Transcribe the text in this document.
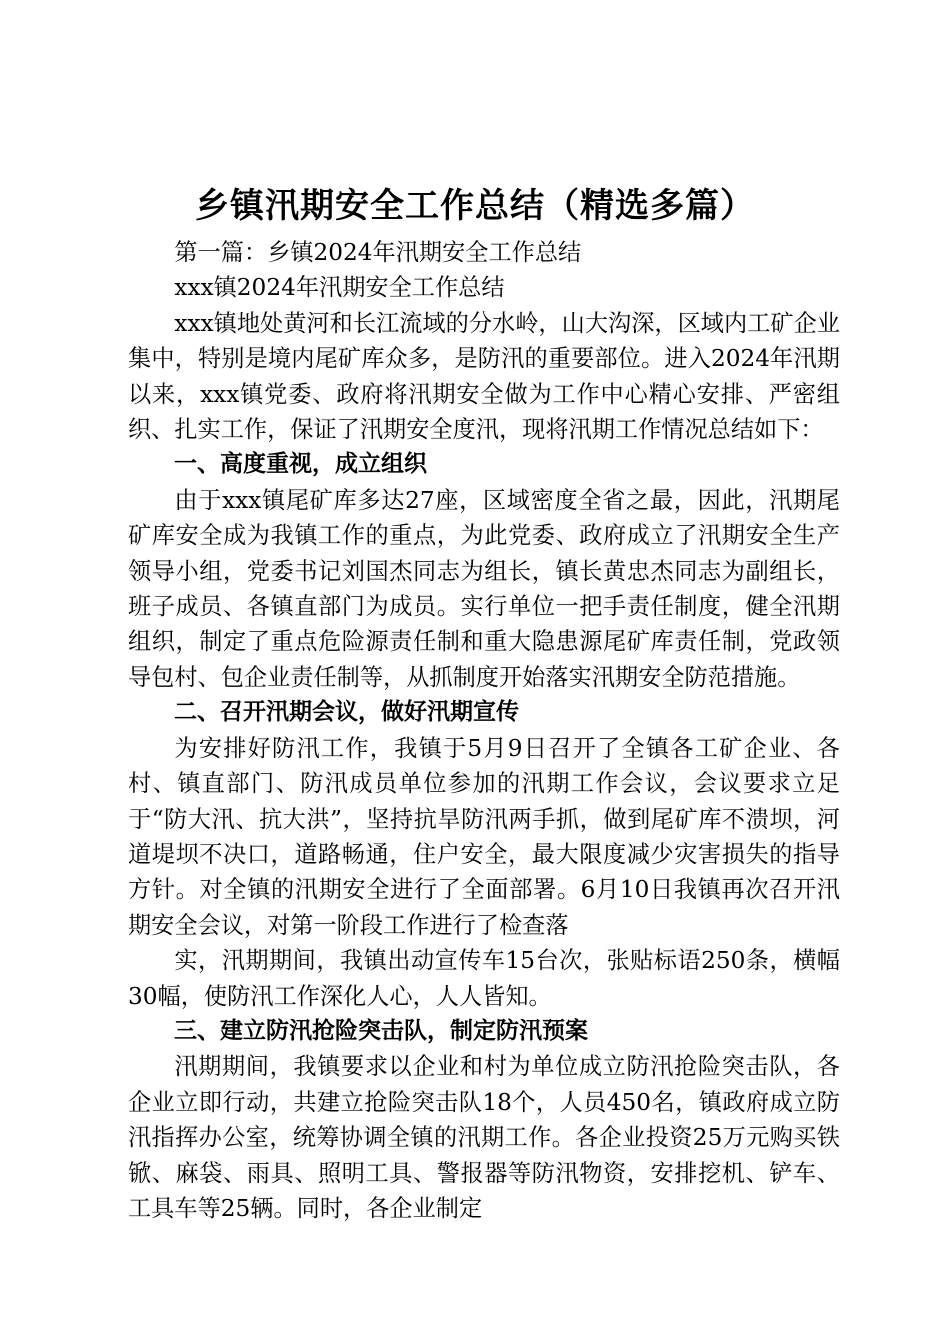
乡镇汛期安全工作总结（精选多篇）

第一篇：乡镇2024年汛期安全工作总结

xxx镇2024年汛期安全工作总结

xxx镇地处黄河和长江流域的分水岭，山大沟深，区域内工矿企业集中，特别是境内尾矿库众多，是防汛的重要部位。进入2024年汛期以来，xxx镇党委、政府将汛期安全做为工作中心精心安排、严密组织、扎实工作，保证了汛期安全度汛，现将汛期工作情况总结如下：

一、高度重视，成立组织

由于xxx镇尾矿库多达27座，区域密度全省之最，因此，汛期尾矿库安全成为我镇工作的重点，为此党委、政府成立了汛期安全生产领导小组，党委书记刘国杰同志为组长，镇长黄忠杰同志为副组长，班子成员、各镇直部门为成员。实行单位一把手责任制度，健全汛期组织，制定了重点危险源责任制和重大隐患源尾矿库责任制，党政领导包村、包企业责任制等，从抓制度开始落实汛期安全防范措施。

二、召开汛期会议，做好汛期宣传

为安排好防汛工作，我镇于5月9日召开了全镇各工矿企业、各村、镇直部门、防汛成员单位参加的汛期工作会议，会议要求立足于“防大汛、抗大洪”，坚持抗旱防汛两手抓，做到尾矿库不溃坝，河道堤坝不决口，道路畅通，住户安全，最大限度减少灾害损失的指导方针。对全镇的汛期安全进行了全面部署。6月10日我镇再次召开汛期安全会议，对第一阶段工作进行了检查落

实，汛期期间，我镇出动宣传车15台次，张贴标语250条，横幅30幅，使防汛工作深化人心，人人皆知。

三、建立防汛抢险突击队，制定防汛预案

汛期期间，我镇要求以企业和村为单位成立防汛抢险突击队，各企业立即行动，共建立抢险突击队18个，人员450名，镇政府成立防汛指挥办公室，统筹协调全镇的汛期工作。各企业投资25万元购买铁锨、麻袋、雨具、照明工具、警报器等防汛物资，安排挖机、铲车、工具车等25辆。同时，各企业制定
